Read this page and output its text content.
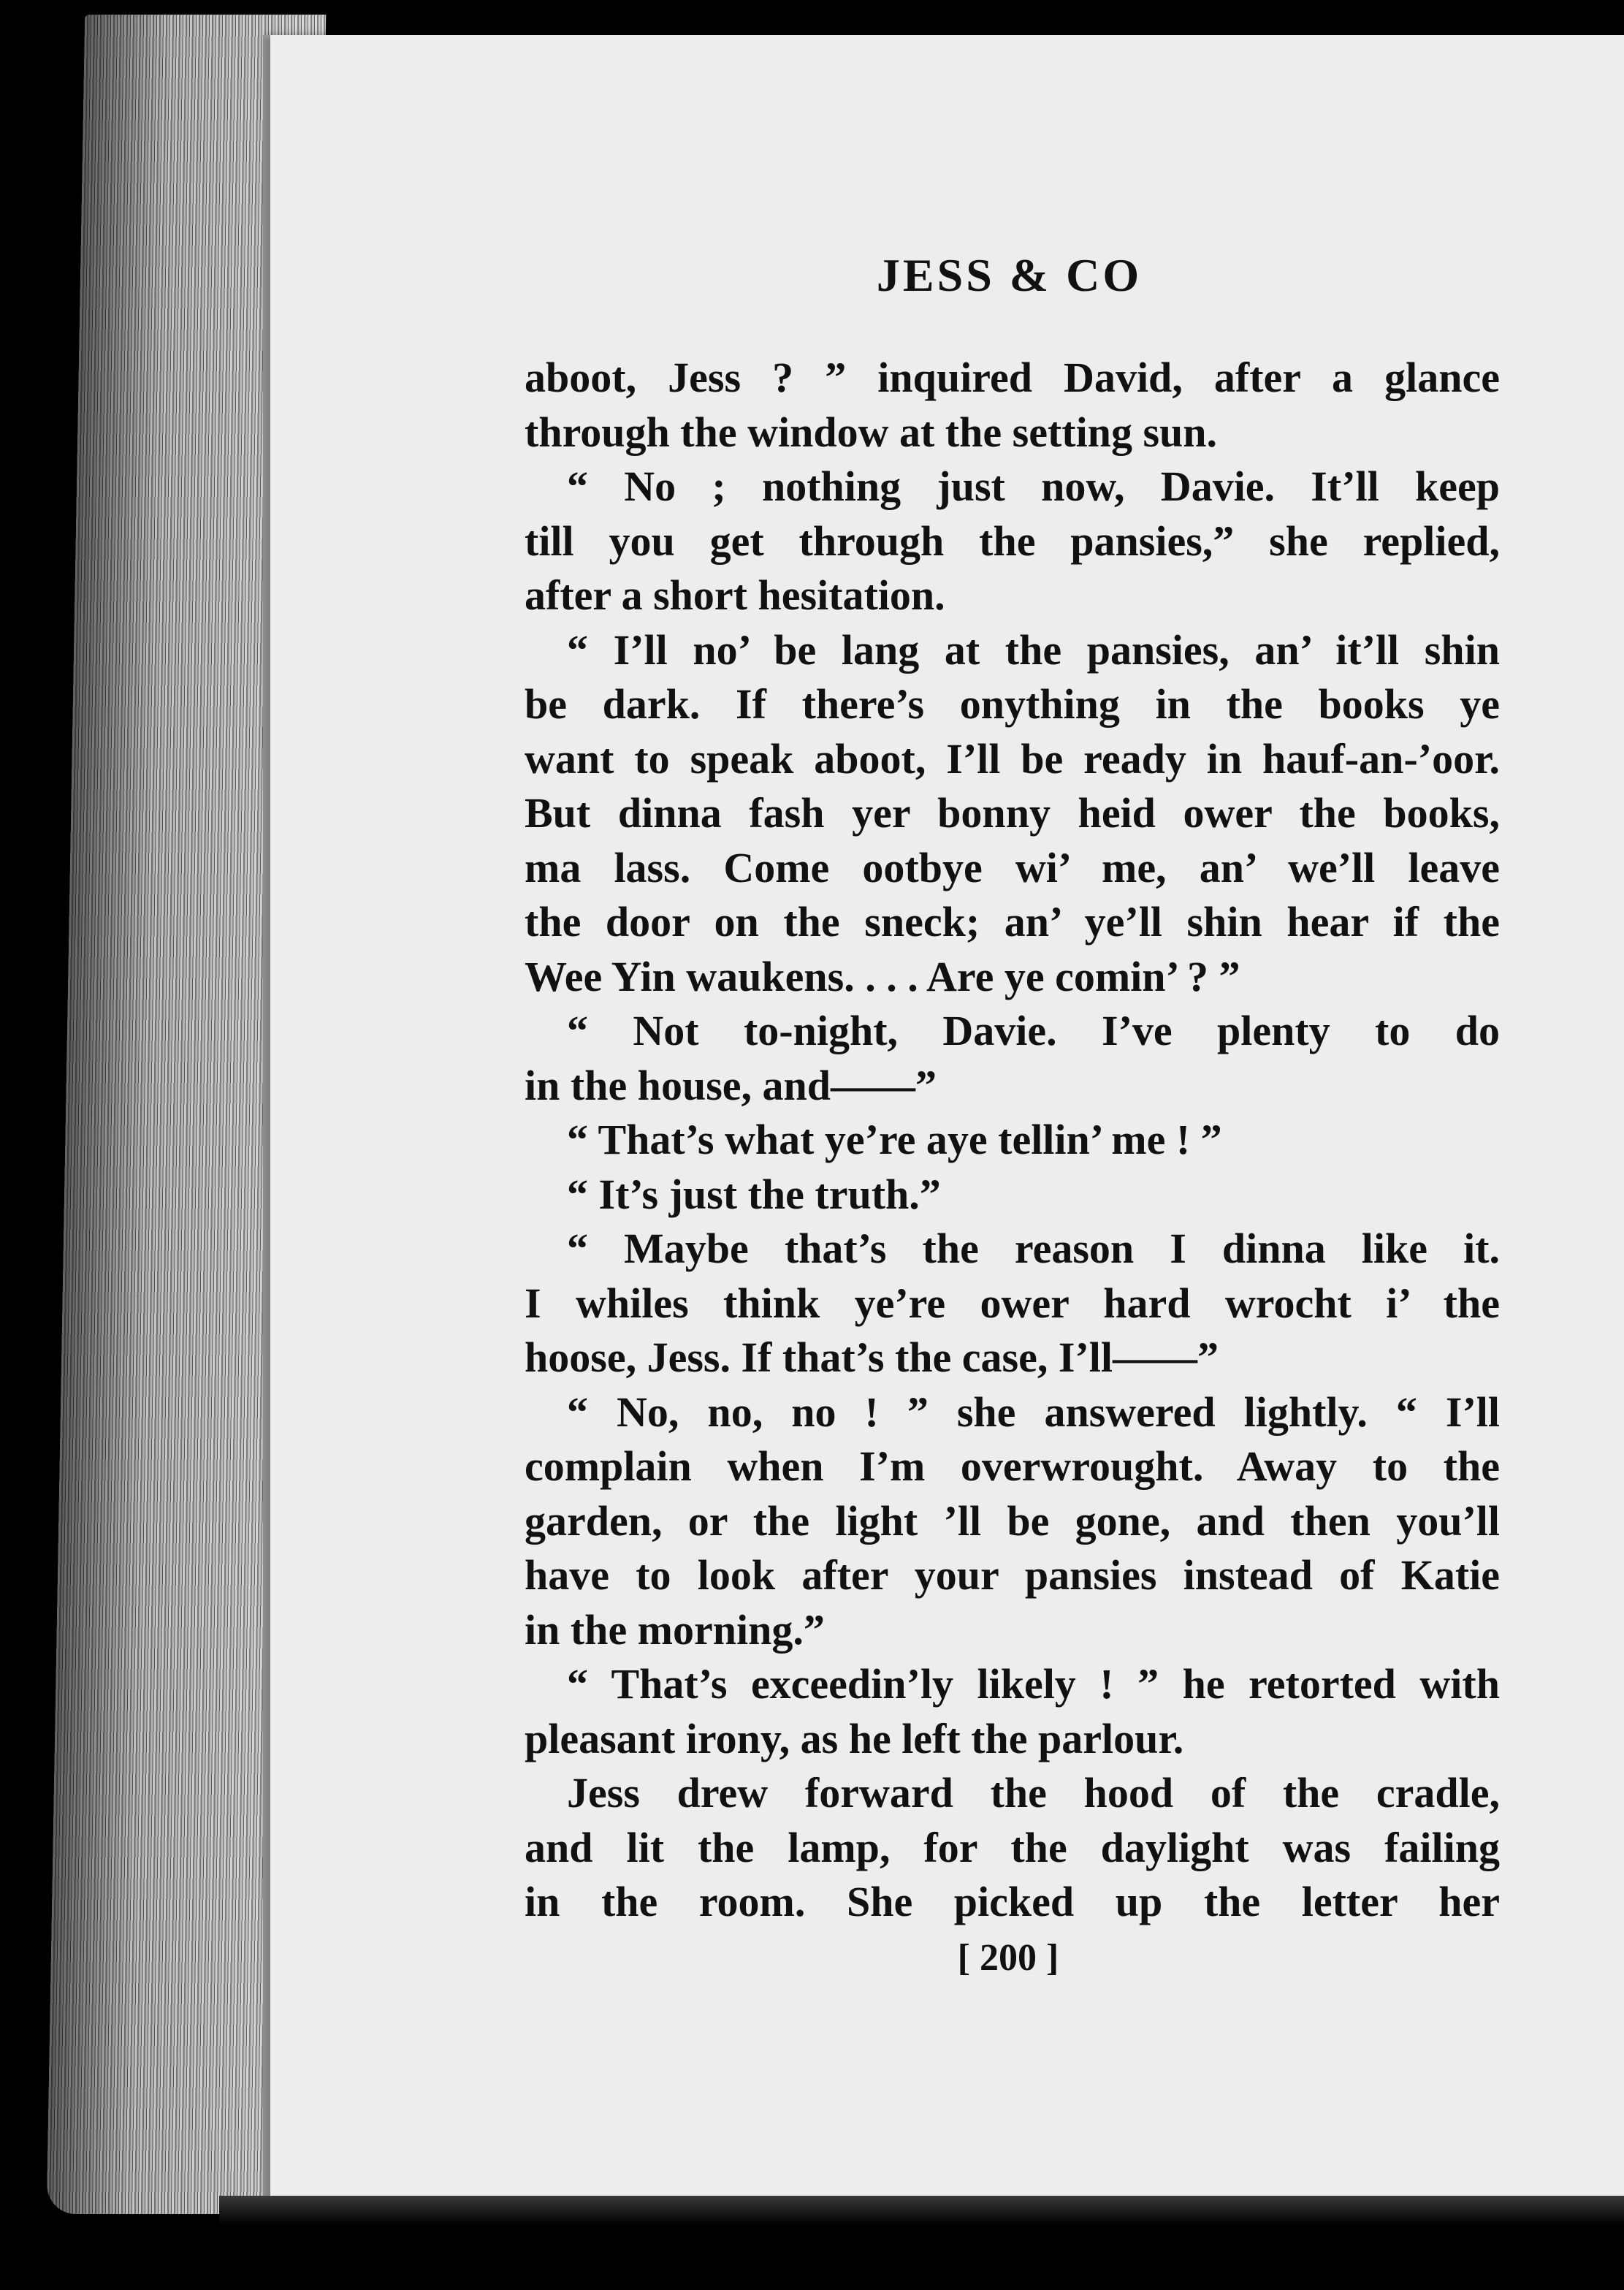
JESS & CO
aboot, Jess ? ” inquired David, after a glance
through the window at the setting sun.
“ No ; nothing just now, Davie. It’ll keep
till you get through the pansies,” she replied,
after a short hesitation.
“ I’ll no’ be lang at the pansies, an’ it’ll shin
be dark. If there’s onything in the books ye
want to speak aboot, I’ll be ready in hauf-an-’oor.
But dinna fash yer bonny heid ower the books,
ma lass. Come ootbye wi’ me, an’ we’ll leave
the door on the sneck; an’ ye’ll shin hear if the
Wee Yin waukens. . . . Are ye comin’ ? ”
“ Not to-night, Davie. I’ve plenty to do
in the house, and——”
“ That’s what ye’re aye tellin’ me ! ”
“ It’s just the truth.”
“ Maybe that’s the reason I dinna like it.
I whiles think ye’re ower hard wrocht i’ the
hoose, Jess. If that’s the case, I’ll——”
“ No, no, no ! ” she answered lightly. “ I’ll
complain when I’m overwrought. Away to the
garden, or the light ’ll be gone, and then you’ll
have to look after your pansies instead of Katie
in the morning.”
“ That’s exceedin’ly likely ! ” he retorted with
pleasant irony, as he left the parlour.
Jess drew forward the hood of the cradle,
and lit the lamp, for the daylight was failing
in the room. She picked up the letter her
[ 200 ]
